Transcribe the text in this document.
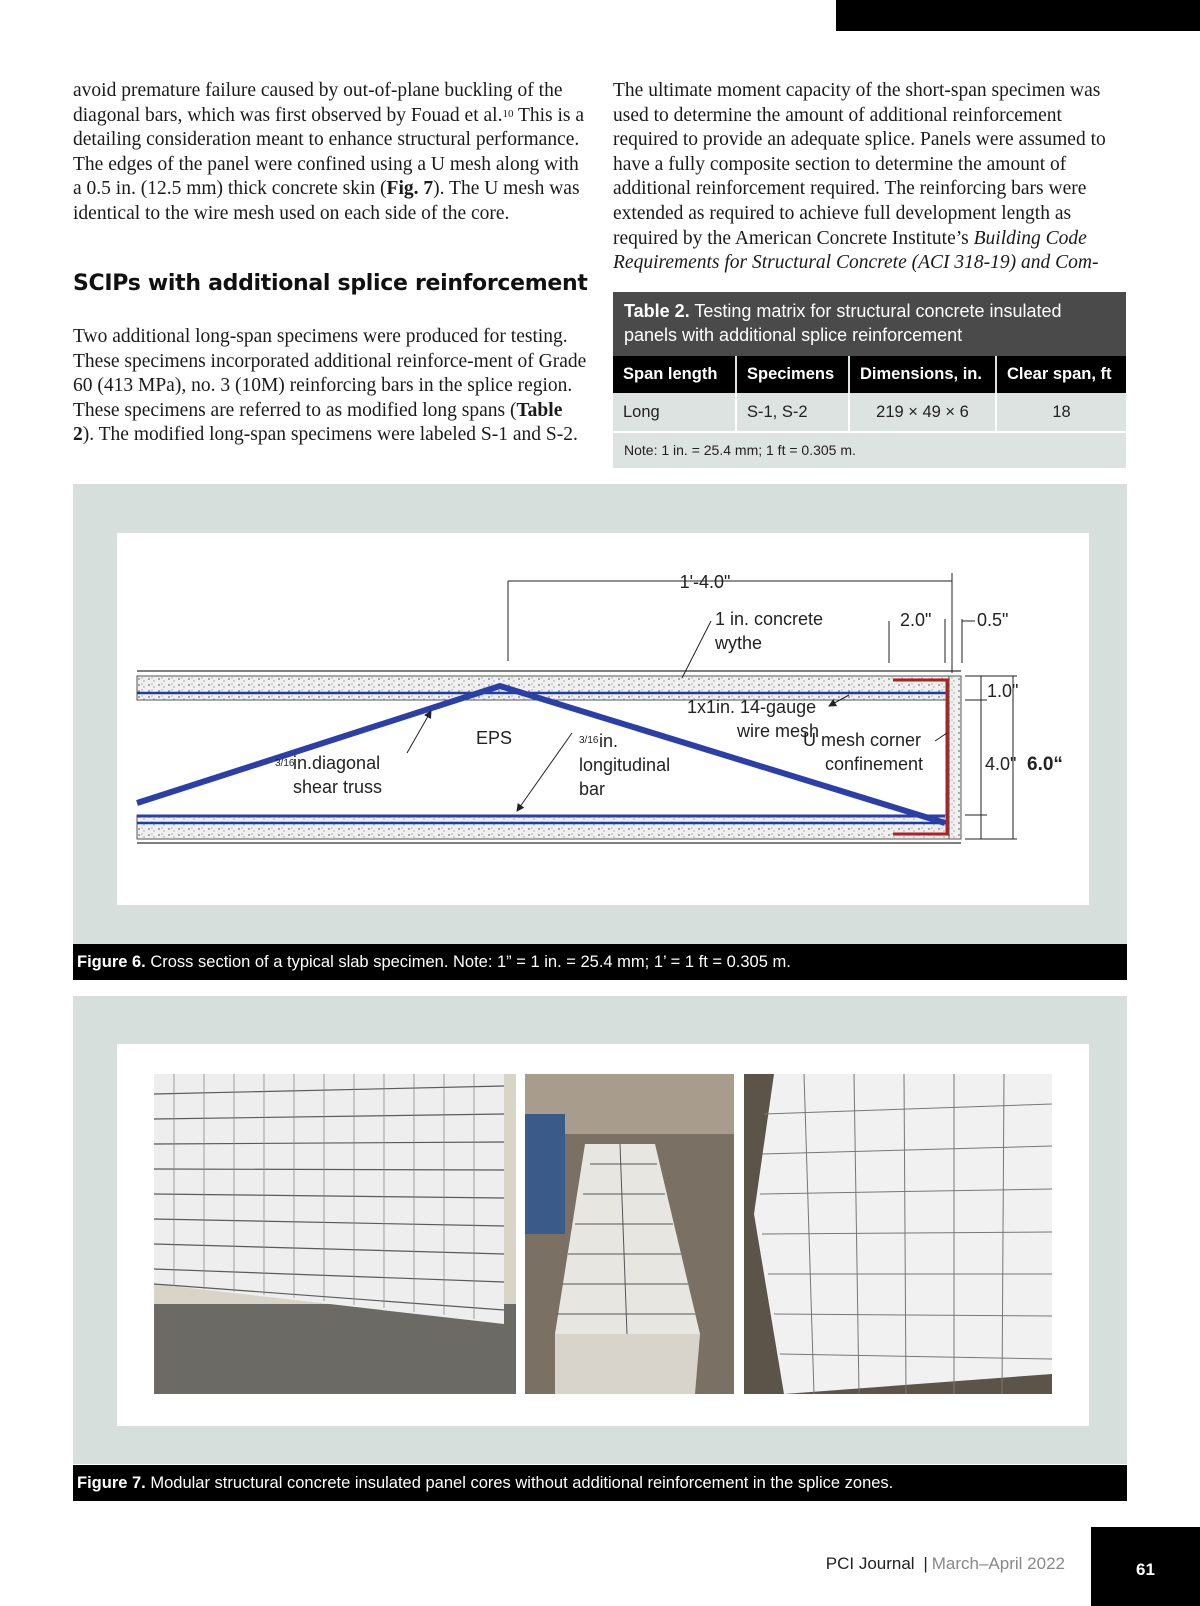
avoid premature failure caused by out-of-plane buckling of the diagonal bars, which was first observed by Fouad et al.$^{10}$ This is a detailing consideration meant to enhance structural performance. The edges of the panel were confined using a U mesh along with a 0.5 in. (12.5 mm) thick concrete skin (Fig. 7). The U mesh was identical to the wire mesh used on each side of the core.

SCIPs with additional splice reinforcement

Two additional long-span specimens were produced for testing. These specimens incorporated additional reinforce-ment of Grade 60 (413 MPa), no. 3 (10M) reinforcing bars in the splice region. These specimens are referred to as modified long spans (Table 2). The modified long-span specimens were labeled S-1 and S-2.

The ultimate moment capacity of the short-span specimen was used to determine the amount of additional reinforcement required to provide an adequate splice. Panels were assumed to have a fully composite section to determine the amount of additional reinforcement required. The reinforcing bars were extended as required to achieve full development length as required by the American Concrete Institute’s Building Code Requirements for Structural Concrete (ACI 318-19) and Com-

Table 2. Testing matrix for structural concrete insulated panels with additional splice reinforcement
Span length	Specimens	Dimensions, in.	Clear span, ft
Long	S-1, S-2	219 × 49 × 6	18
Note: 1 in. = 25.4 mm; 1 ft = 0.305 m.
1'-4.0"
1 in. concrete
wythe
2.0"	0.5"
1.0"
4.0" 6.0“
1x1in. 14-gauge
wire mesh
EPS
3/16
in.diagonal
shear truss
3/16 in.
longitudinal
bar
U mesh corner
confinement
Figure 6. Cross section of a typical slab specimen. Note: 1” = 1 in. = 25.4 mm; 1’ = 1 ft = 0.305 m.
Figure 7. Modular structural concrete insulated panel cores without additional reinforcement in the splice zones.
PCI Journal | March–April 2022	61
